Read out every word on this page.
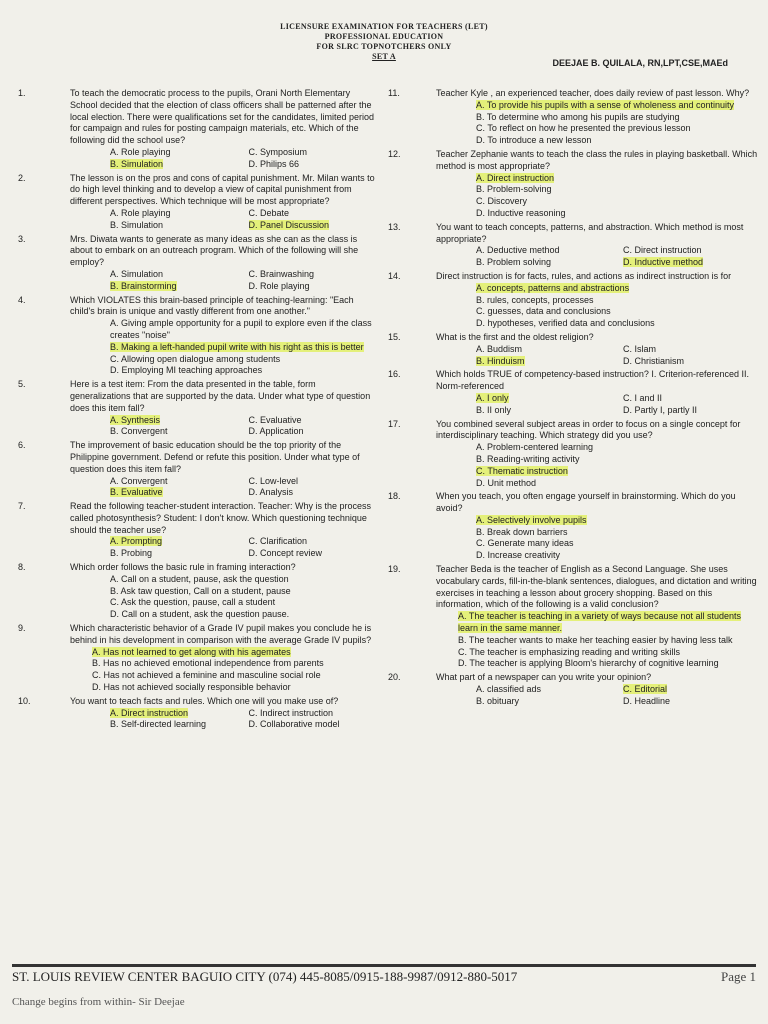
LICENSURE EXAMINATION FOR TEACHERS (LET)
PROFESSIONAL EDUCATION
FOR SLRC TOPNOTCHERS ONLY
SET A
DEEJAE B. QUILALA, RN,LPT,CSE,MAEd
1.	To teach the democratic process to the pupils, Orani North Elementary School decided that the election of class officers shall be patterned after the local election. There were qualifications set for the candidates, limited period for campaign and rules for posting campaign materials, etc. Which of the following did the school use?
A. Role playing	C. Symposium
B. Simulation	D. Philips 66
2.	The lesson is on the pros and cons of capital punishment. Mr. Milan wants to do high level thinking and to develop a view of capital punishment from different perspectives. Which technique will be most appropriate?
A. Role playing	C. Debate
B. Simulation	D. Panel Discussion
3.	Mrs. Diwata wants to generate as many ideas as she can as the class is about to embark on an outreach program. Which of the following will she employ?
A. Simulation	C. Brainwashing
B. Brainstorming	D. Role playing
4.	Which VIOLATES this brain-based principle of teaching-learning: "Each child's brain is unique and vastly different from one another."
A. Giving ample opportunity for a pupil to explore even if the class creates "noise"
B. Making a left-handed pupil write with his right as this is better
C. Allowing open dialogue among students
D. Employing MI teaching approaches
5.	Here is a test item: From the data presented in the table, form generalizations that are supported by the data. Under what type of question does this item fall?
A. Synthesis	C. Evaluative
B. Convergent	D. Application
6.	The improvement of basic education should be the top priority of the Philippine government. Defend or refute this position. Under what type of question does this item fall?
A. Convergent	C. Low-level
B. Evaluative	D. Analysis
7.	Read the following teacher-student interaction. Teacher: Why is the process called photosynthesis? Student: I don't know. Which questioning technique should the teacher use?
A. Prompting	C. Clarification
B. Probing	D. Concept review
8.	Which order follows the basic rule in framing interaction?
A. Call on a student, pause, ask the question
B. Ask taw question, Call on a student, pause
C. Ask the question, pause, call a student
D. Call on a student, ask the question pause.
9.	Which characteristic behavior of a Grade IV pupil makes you conclude he is behind in his development in comparison with the average Grade IV pupils?
A. Has not learned to get along with his agemates
B. Has no achieved emotional independence from parents
C. Has not achieved a feminine and masculine social role
D. Has not achieved socially responsible behavior
10.	You want to teach facts and rules. Which one will you make use of?
A. Direct instruction	C. Indirect instruction
B. Self-directed learning	D. Collaborative model
11.	Teacher Kyle , an experienced teacher, does daily review of past lesson. Why?
A. To provide his pupils with a sense of wholeness and continuity
B. To determine who among his pupils are studying
C. To reflect on how he presented the previous lesson
D. To introduce a new lesson
12.	Teacher Zephanie wants to teach the class the rules in playing basketball. Which method is most appropriate?
A. Direct instruction
B. Problem-solving
C. Discovery
D. Inductive reasoning
13.	You want to teach concepts, patterns, and abstraction. Which method is most appropriate?
A. Deductive method	C. Direct instruction
B. Problem solving	D. Inductive method
14.	Direct instruction is for facts, rules, and actions as indirect instruction is for
A. concepts, patterns and abstractions
B. rules, concepts, processes
C. guesses, data and conclusions
D. hypotheses, verified data and conclusions
15.	What is the first and the oldest religion?
A. Buddism	C. Islam
B. Hinduism	D. Christianism
16.	Which holds TRUE of competency-based instruction? I. Criterion-referenced II. Norm-referenced
A. I only	C. I and II
B. II only	D. Partly I, partly II
17.	You combined several subject areas in order to focus on a single concept for interdisciplinary teaching. Which strategy did you use?
A. Problem-centered learning
B. Reading-writing activity
C. Thematic instruction
D. Unit method
18.	When you teach, you often engage yourself in brainstorming. Which do you avoid?
A. Selectively involve pupils
B. Break down barriers
C. Generate many ideas
D. Increase creativity
19.	Teacher Beda is the teacher of English as a Second Language. She uses vocabulary cards, fill-in-the-blank sentences, dialogues, and dictation and writing exercises in teaching a lesson about grocery shopping. Based on this information, which of the following is a valid conclusion?
A. The teacher is teaching in a variety of ways because not all students learn in the same manner.
B. The teacher wants to make her teaching easier by having less talk
C. The teacher is emphasizing reading and writing skills
D. The teacher is applying Bloom's hierarchy of cognitive learning
20.	What part of a newspaper can you write your opinion?
A. classified ads	C. Editorial
B. obituary	D. Headline
ST. LOUIS REVIEW CENTER BAGUIO CITY (074) 445-8085/0915-188-9987/0912-880-5017	Page 1
Change begins from within- Sir Deejae
